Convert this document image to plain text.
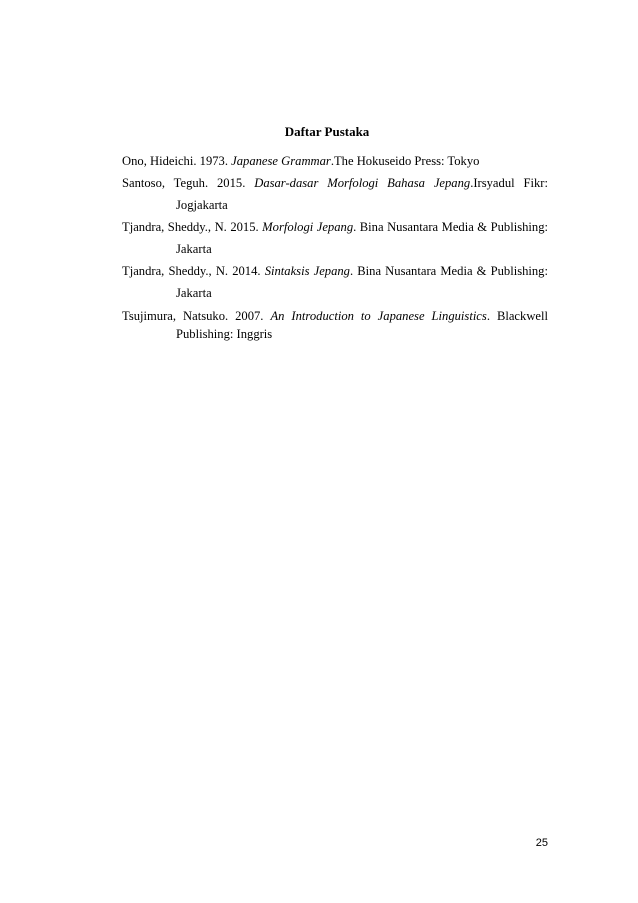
Daftar Pustaka

Ono, Hideichi. 1973. Japanese Grammar.The Hokuseido Press: Tokyo

Santoso, Teguh. 2015. Dasar-dasar Morfologi Bahasa Jepang.Irsyadul Fikr: Jogjakarta

Tjandra, Sheddy., N. 2015. Morfologi Jepang. Bina Nusantara Media & Publishing: Jakarta

Tjandra, Sheddy., N. 2014. Sintaksis Jepang. Bina Nusantara Media & Publishing: Jakarta

Tsujimura, Natsuko. 2007. An Introduction to Japanese Linguistics. Blackwell Publishing: Inggris

25
